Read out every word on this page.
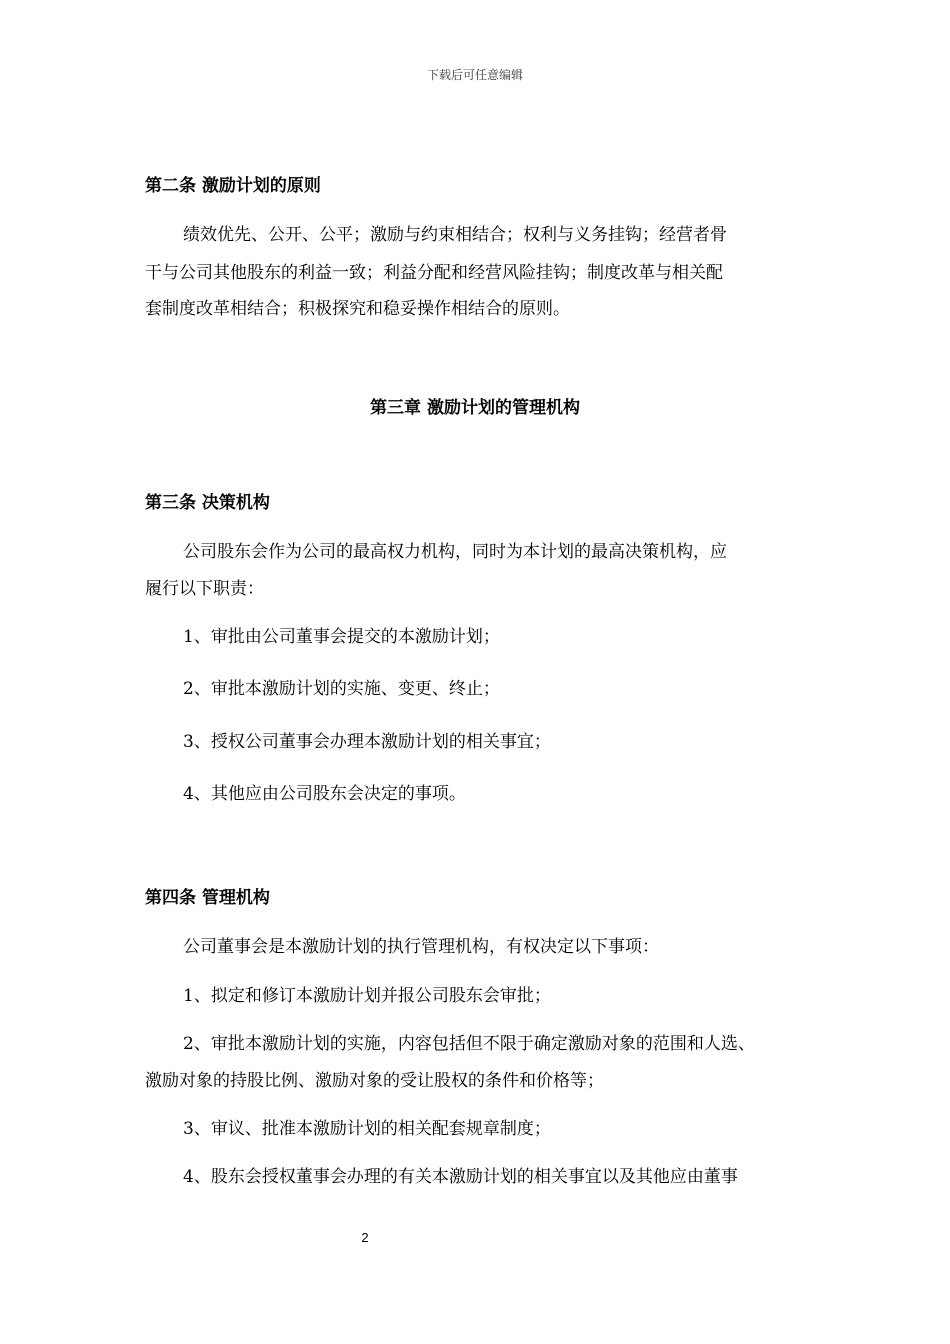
下载后可任意编辑
第二条 激励计划的原则
绩效优先、公开、公平；激励与约束相结合；权利与义务挂钩；经营者骨
干与公司其他股东的利益一致；利益分配和经营风险挂钩；制度改革与相关配
套制度改革相结合；积极探究和稳妥操作相结合的原则。
第三章 激励计划的管理机构
第三条 决策机构
公司股东会作为公司的最高权力机构，同时为本计划的最高决策机构，应
履行以下职责：
1、审批由公司董事会提交的本激励计划；
2、审批本激励计划的实施、变更、终止；
3、授权公司董事会办理本激励计划的相关事宜；
4、其他应由公司股东会决定的事项。
第四条 管理机构
公司董事会是本激励计划的执行管理机构，有权决定以下事项：
1、拟定和修订本激励计划并报公司股东会审批；
2、审批本激励计划的实施，内容包括但不限于确定激励对象的范围和人选、
激励对象的持股比例、激励对象的受让股权的条件和价格等；
3、审议、批准本激励计划的相关配套规章制度；
4、股东会授权董事会办理的有关本激励计划的相关事宜以及其他应由董事
2
